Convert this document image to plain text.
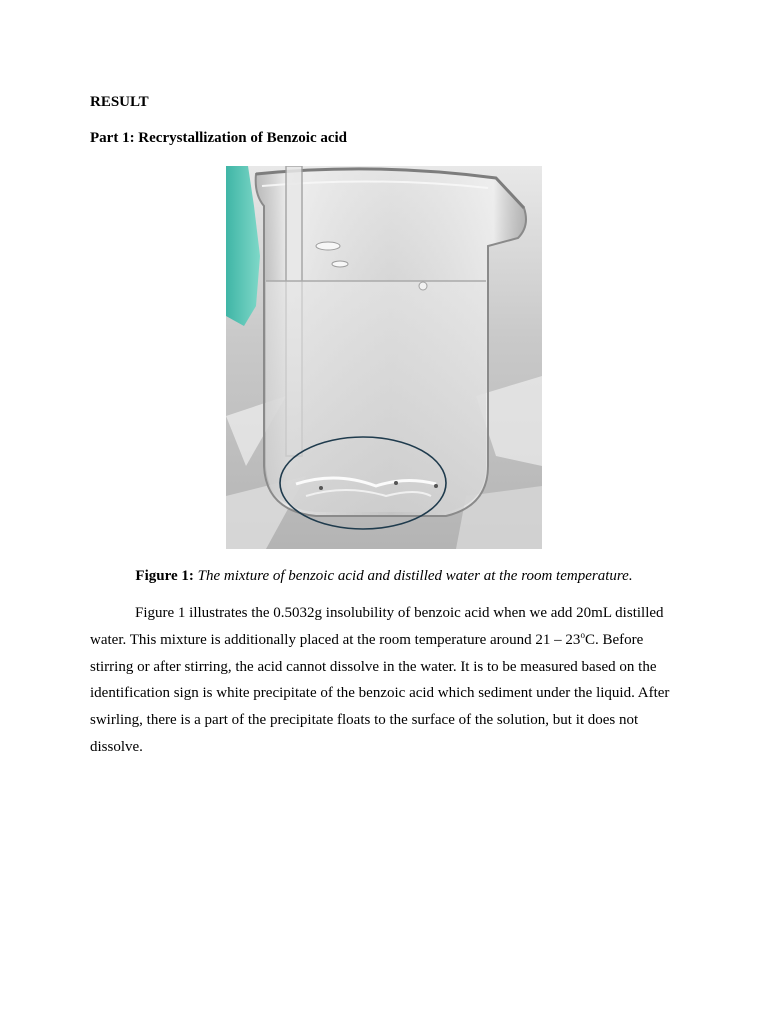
RESULT

Part 1: Recrystallization of Benzoic acid

Figure 1: The mixture of benzoic acid and distilled water at the room temperature.

Figure 1 illustrates the 0.5032g insolubility of benzoic acid when we add 20mL distilled water. This mixture is additionally placed at the room temperature around 21 – 23$^o$C. Before stirring or after stirring, the acid cannot dissolve in the water. It is to be measured based on the identification sign is white precipitate of the benzoic acid which sediment under the liquid. After swirling, there is a part of the precipitate floats to the surface of the solution, but it does not dissolve.
